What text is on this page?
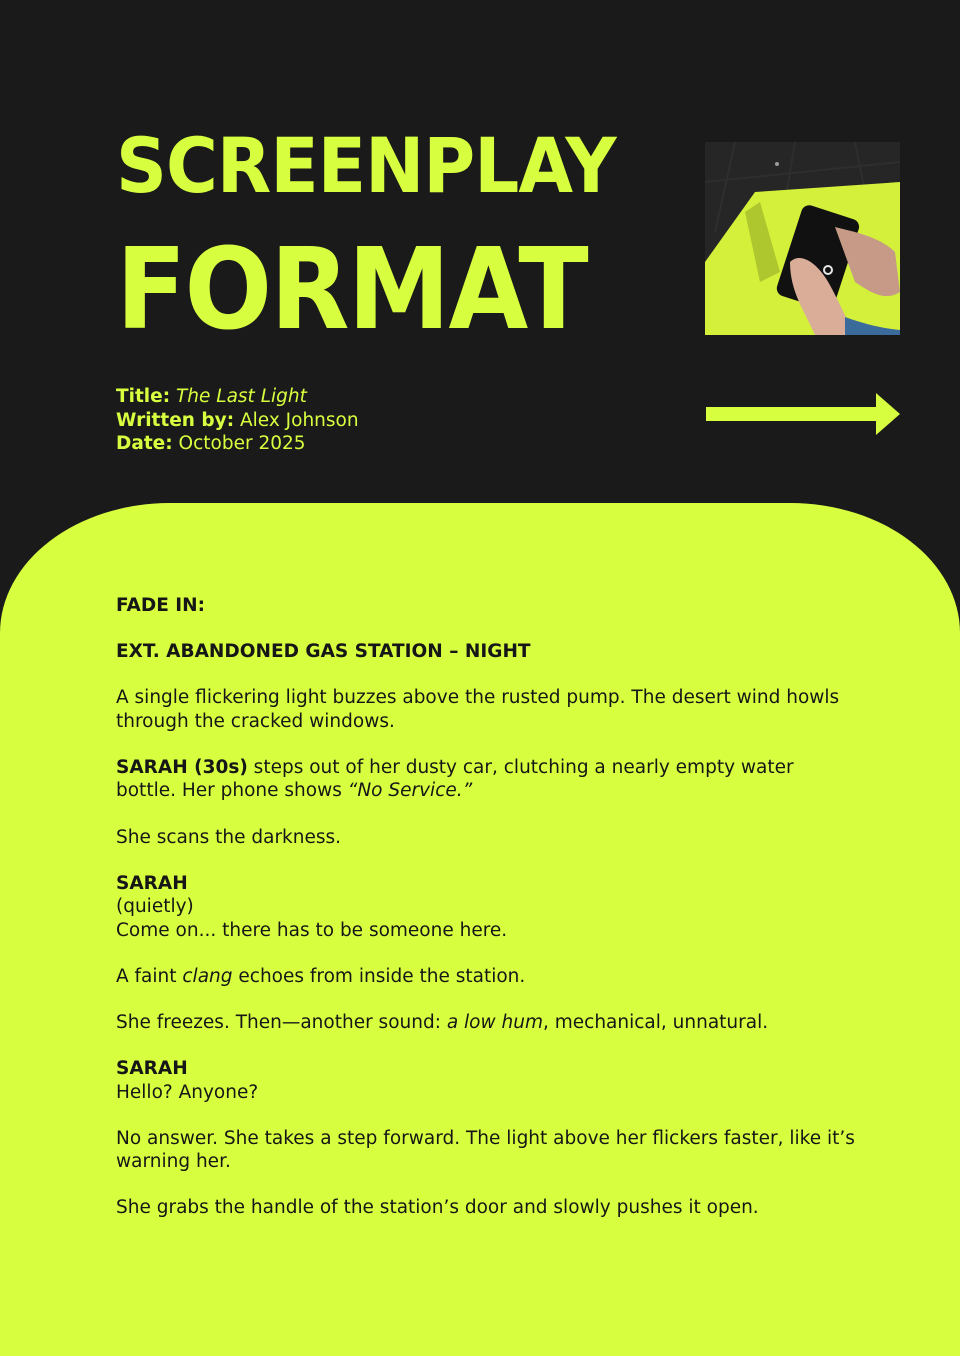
SCREENPLAY
FORMAT
Title: The Last Light
Written by: Alex Johnson
Date: October 2025

FADE IN:

EXT. ABANDONED GAS STATION – NIGHT

A single flickering light buzzes above the rusted pump. The desert wind howls through the cracked windows.

SARAH (30s) steps out of her dusty car, clutching a nearly empty water bottle. Her phone shows “No Service.”

She scans the darkness.

SARAH
(quietly)
Come on... there has to be someone here.

A faint clang echoes from inside the station.

She freezes. Then—another sound: a low hum, mechanical, unnatural.

SARAH
Hello? Anyone?

No answer. She takes a step forward. The light above her flickers faster, like it’s warning her.

She grabs the handle of the station’s door and slowly pushes it open.
